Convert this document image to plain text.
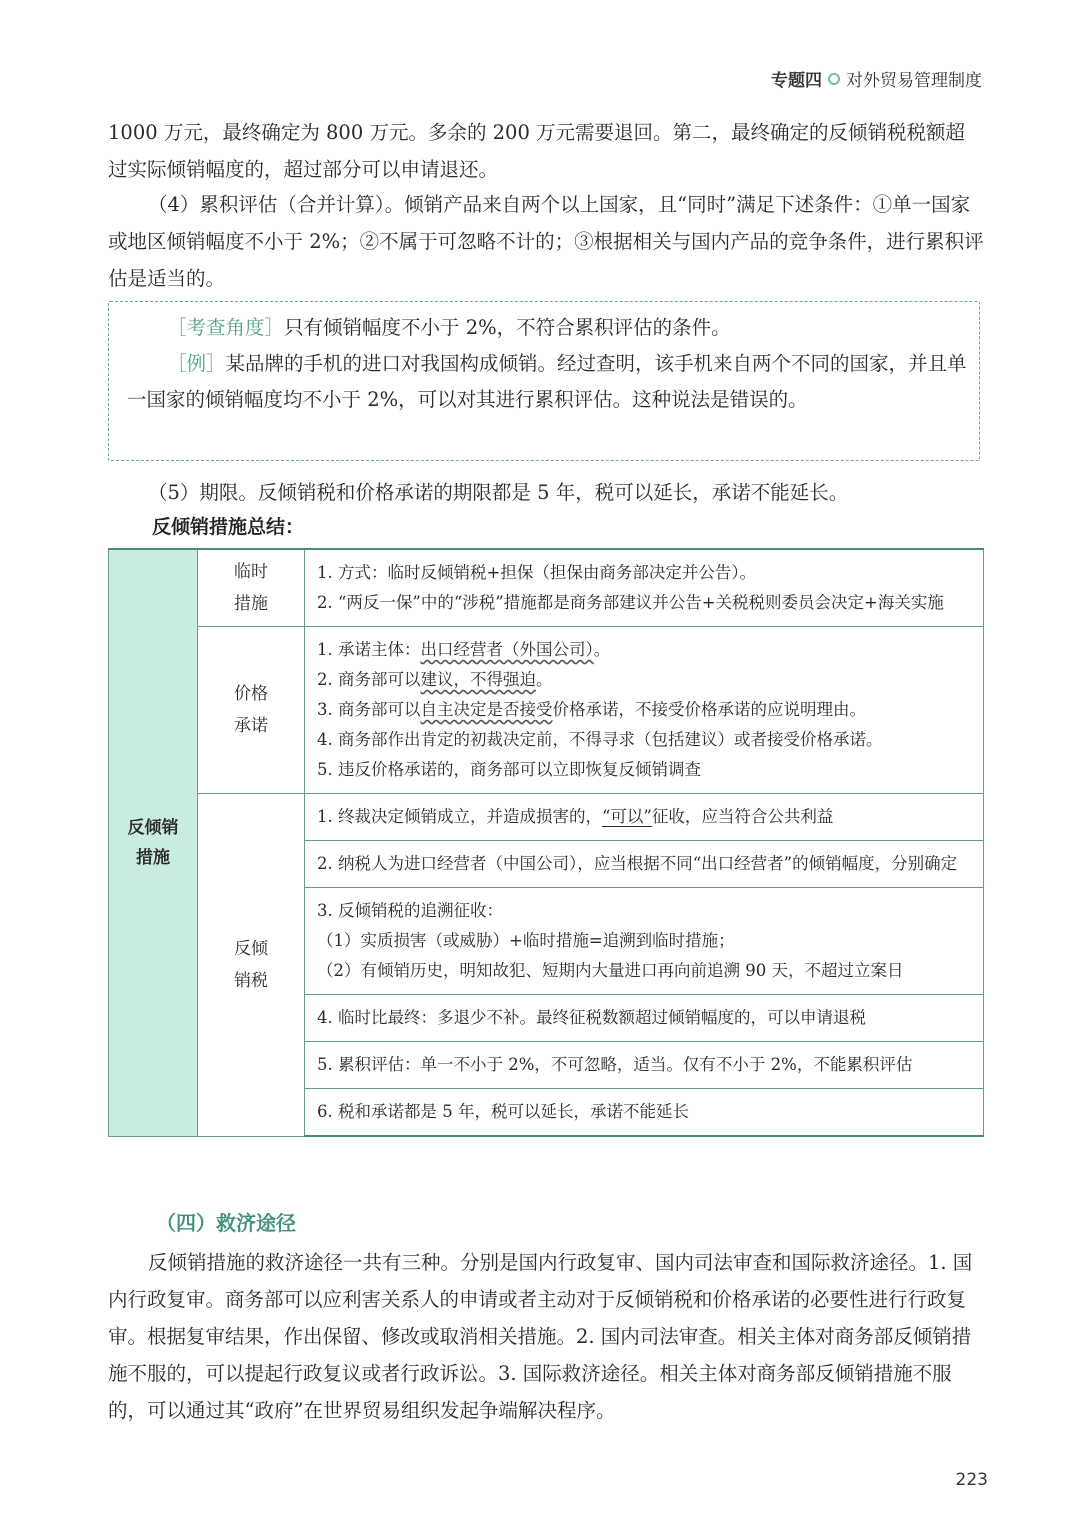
专题四 对外贸易管理制度

1000 万元，最终确定为 800 万元。多余的 200 万元需要退回。第二，最终确定的反倾销税税额超过实际倾销幅度的，超过部分可以申请退还。

（4）累积评估（合并计算）。倾销产品来自两个以上国家，且“同时”满足下述条件：①单一国家或地区倾销幅度不小于 2%；②不属于可忽略不计的；③根据相关与国内产品的竞争条件，进行累积评估是适当的。

［考查角度］只有倾销幅度不小于 2%，不符合累积评估的条件。

［例］某品牌的手机的进口对我国构成倾销。经过查明，该手机来自两个不同的国家，并且单一国家的倾销幅度均不小于 2%，可以对其进行累积评估。这种说法是错误的。

（5）期限。反倾销税和价格承诺的期限都是 5 年，税可以延长，承诺不能延长。

反倾销措施总结：
反倾销措施	临时措施	1. 方式：临时反倾销税+担保（担保由商务部决定并公告）。
2. “两反一保”中的“涉税”措施都是商务部建议并公告+关税税则委员会决定+海关实施

	价格承诺	1. 承诺主体：出口经营者（外国公司）。
2. 商务部可以建议，不得强迫。
3. 商务部可以自主决定是否接受价格承诺，不接受价格承诺的应说明理由。
4. 商务部作出肯定的初裁决定前，不得寻求（包括建议）或者接受价格承诺。
5. 违反价格承诺的，商务部可以立即恢复反倾销调查

	反倾销税	1. 终裁决定倾销成立，并造成损害的，“可以”征收，应当符合公共利益
		2. 纳税人为进口经营者（中国公司），应当根据不同“出口经营者”的倾销幅度，分别确定

		3. 反倾销税的追溯征收：
（1）实质损害（或威胁）+临时措施=追溯到临时措施；
（2）有倾销历史，明知故犯、短期内大量进口再向前追溯 90 天，不超过立案日

		4. 临时比最终：多退少不补。最终征税数额超过倾销幅度的，可以申请退税
		5. 累积评估：单一不小于 2%，不可忽略，适当。仅有不小于 2%，不能累积评估
		6. 税和承诺都是 5 年，税可以延长，承诺不能延长
（四）救济途径

反倾销措施的救济途径一共有三种。分别是国内行政复审、国内司法审查和国际救济途径。1. 国内行政复审。商务部可以应利害关系人的申请或者主动对于反倾销税和价格承诺的必要性进行行政复审。根据复审结果，作出保留、修改或取消相关措施。2. 国内司法审查。相关主体对商务部反倾销措施不服的，可以提起行政复议或者行政诉讼。3. 国际救济途径。相关主体对商务部反倾销措施不服的，可以通过其“政府”在世界贸易组织发起争端解决程序。

223
